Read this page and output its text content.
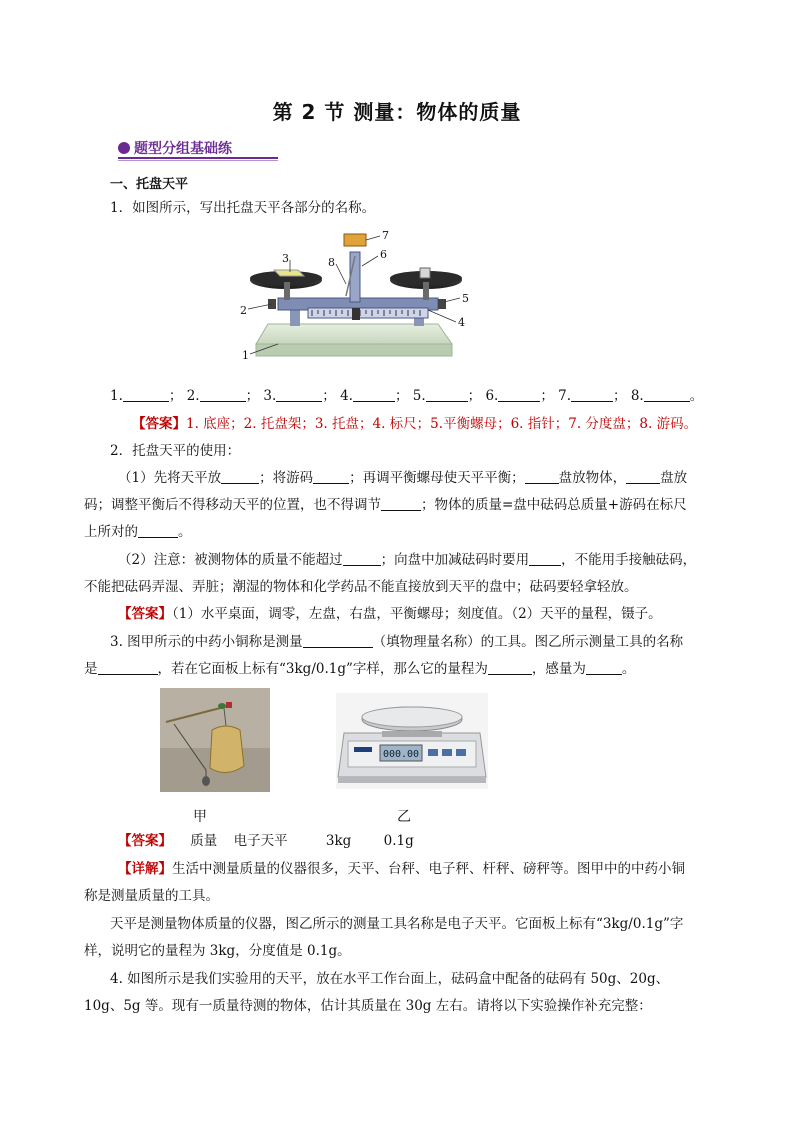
第 2 节 测量：物体的质量
题型分组基础练
一、托盘天平
1．如图所示，写出托盘天平各部分的名称。
1
2
3
4
5
6
7
8
1.	； 2.	； 3.	； 4.	； 5.	； 6.	； 7.	； 8.	。
【答案】1. 底座；2. 托盘架；3. 托盘；4. 标尺；5.平衡螺母；6. 指针；7. 分度盘；8. 游码。
2．托盘天平的使用：
（1）先将天平放	；将游码	；再调平衡螺母使天平平衡；	盘放物体，	盘放
码；调整平衡后不得移动天平的位置，也不得调节	；物体的质量=盘中砝码总质量+游码在标尺
上所对的	。
（2）注意：被测物体的质量不能超过	；向盘中加减砝码时要用 ，不能用手接触砝码，
不能把砝码弄湿、弄脏；潮湿的物体和化学药品不能直接放到天平的盘中；砝码要轻拿轻放。
【答案】（1）水平桌面，调零，左盘，右盘，平衡螺母；刻度值。（2）天平的量程，镊子。
3. 图甲所示的中药小铜称是测量	（填物理量名称）的工具。图乙所示测量工具的名称
是	，若在它面板上标有“3kg/0.1g”字样，那么它的量程为	，感量为	。
甲
000.00
乙
【答案】 质量 电子天平	3kg 0.1g
【详解】生活中测量质量的仪器很多，天平、台秤、电子秤、杆秤、磅秤等。图甲中的中药小铜
称是测量质量的工具。
天平是测量物体质量的仪器，图乙所示的测量工具名称是电子天平。它面板上标有“3kg/0.1g”字
样，说明它的量程为 3kg，分度值是 0.1g。
4. 如图所示是我们实验用的天平，放在水平工作台面上，砝码盒中配备的砝码有 50g、20g、
10g、5g 等。现有一质量待测的物体，估计其质量在 30g 左右。请将以下实验操作补充完整：
